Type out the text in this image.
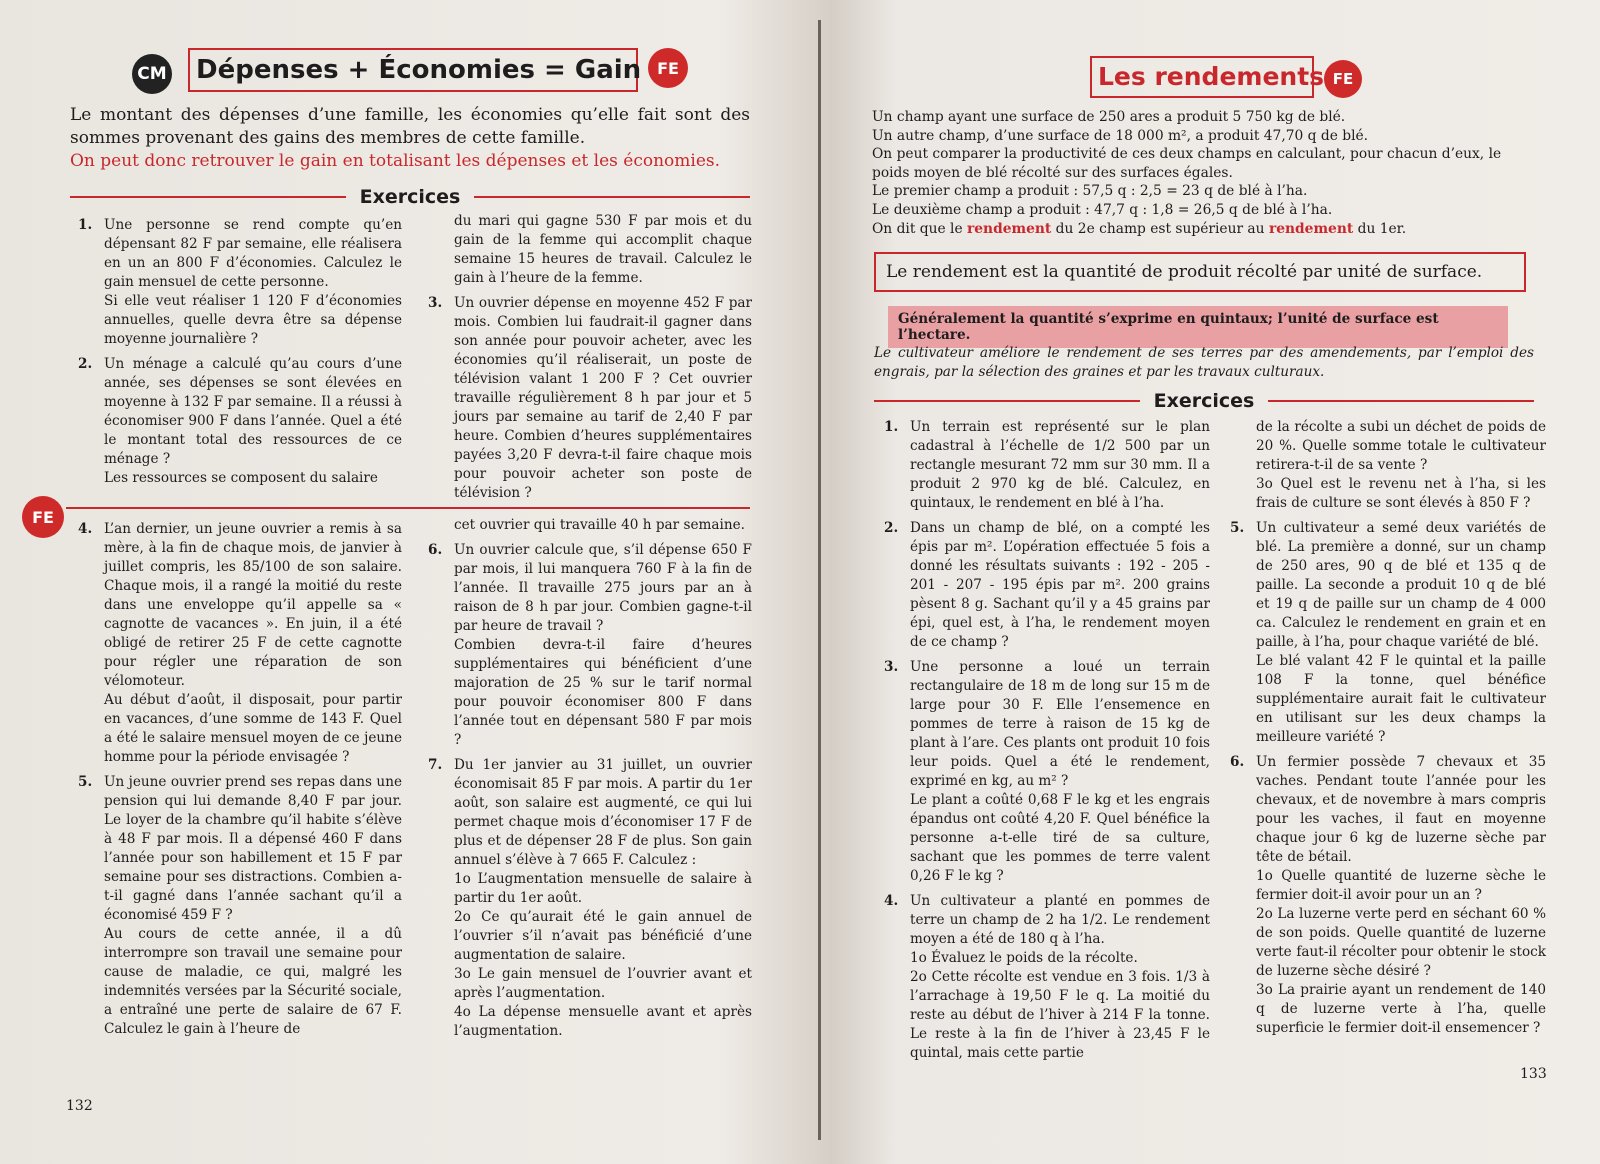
CM	Dépenses + Économies = Gain FE

Le montant des dépenses d’une famille, les économies qu’elle fait sont des sommes provenant des gains des membres de cette famille.

On peut donc retrouver le gain en totalisant les dépenses et les économies.

Exercices
1. Une personne se rend compte qu’en dépensant 82 F par semaine, elle réalisera en un an 800 F d’économies. Calculez le gain mensuel de cette personne.

Si elle veut réaliser 1 120 F d’économies annuelles, quelle devra être sa dépense moyenne journalière ?

2. Un ménage a calculé qu’au cours d’une année, ses dépenses se sont élevées en moyenne à 132 F par semaine. Il a réussi à économiser 900 F dans l’année. Quel a été le montant total des ressources de ce ménage ?

Les ressources se composent du salaire

du mari qui gagne 530 F par mois et du gain de la femme qui accomplit chaque semaine 15 heures de travail. Calculez le gain à l’heure de la femme.

3. Un ouvrier dépense en moyenne 452 F par mois. Combien lui faudrait-il gagner dans son année pour pouvoir acheter, avec les économies qu’il réaliserait, un poste de télévision valant 1 200 F ? Cet ouvrier travaille régulièrement 8 h par jour et 5 jours par semaine au tarif de 2,40 F par heure. Combien d’heures supplémentaires payées 3,20 F devra-t-il faire chaque mois pour pouvoir acheter son poste de télévision ?

FE
4. L’an dernier, un jeune ouvrier a remis à sa mère, à la fin de chaque mois, de janvier à juillet compris, les 85/100 de son salaire. Chaque mois, il a rangé la moitié du reste dans une enveloppe qu’il appelle sa « cagnotte de vacances ». En juin, il a été obligé de retirer 25 F de cette cagnotte pour régler une réparation de son vélomoteur.

Au début d’août, il disposait, pour partir en vacances, d’une somme de 143 F. Quel a été le salaire mensuel moyen de ce jeune homme pour la période envisagée ?

5. Un jeune ouvrier prend ses repas dans une pension qui lui demande 8,40 F par jour. Le loyer de la chambre qu’il habite s’élève à 48 F par mois. Il a dépensé 460 F dans l’année pour son habillement et 15 F par semaine pour ses distractions. Combien a-t-il gagné dans l’année sachant qu’il a économisé 459 F ?

Au cours de cette année, il a dû interrompre son travail une semaine pour cause de maladie, ce qui, malgré les indemnités versées par la Sécurité sociale, a entraîné une perte de salaire de 67 F. Calculez le gain à l’heure de

cet ouvrier qui travaille 40 h par semaine.

6. Un ouvrier calcule que, s’il dépense 650 F par mois, il lui manquera 760 F à la fin de l’année. Il travaille 275 jours par an à raison de 8 h par jour. Combien gagne-t-il par heure de travail ?

Combien devra-t-il faire d’heures supplémentaires qui bénéficient d’une majoration de 25 % sur le tarif normal pour pouvoir économiser 800 F dans l’année tout en dépensant 580 F par mois ?

7. Du 1er janvier au 31 juillet, un ouvrier économisait 85 F par mois. A partir du 1er août, son salaire est augmenté, ce qui lui permet chaque mois d’économiser 17 F de plus et de dépenser 28 F de plus. Son gain annuel s’élève à 7 665 F. Calculez :

1o L’augmentation mensuelle de salaire à partir du 1er août.

2o Ce qu’aurait été le gain annuel de l’ouvrier s’il n’avait pas bénéficié d’une augmentation de salaire.

3o Le gain mensuel de l’ouvrier avant et après l’augmentation.

4o La dépense mensuelle avant et après l’augmentation.

132
Les rendements FE

Un champ ayant une surface de 250 ares a produit 5 750 kg de blé.

Un autre champ, d’une surface de 18 000 m², a produit 47,70 q de blé.

On peut comparer la productivité de ces deux champs en calculant, pour chacun d’eux, le poids moyen de blé récolté sur des surfaces égales.

Le premier champ a produit : 57,5 q : 2,5 = 23 q de blé à l’ha.

Le deuxième champ a produit : 47,7 q : 1,8 = 26,5 q de blé à l’ha.

On dit que le rendement du 2e champ est supérieur au rendement du 1er.

Le rendement est la quantité de produit récolté par unité de surface.
Généralement la quantité s’exprime en quintaux; l’unité de surface est l’hectare.
Le cultivateur améliore le rendement de ses terres par des amendements, par l’emploi des engrais, par la sélection des graines et par les travaux culturaux.
Exercices
1. Un terrain est représenté sur le plan cadastral à l’échelle de 1/2 500 par un rectangle mesurant 72 mm sur 30 mm. Il a produit 2 970 kg de blé. Calculez, en quintaux, le rendement en blé à l’ha.

2. Dans un champ de blé, on a compté les épis par m². L’opération effectuée 5 fois a donné les résultats suivants : 192 - 205 - 201 - 207 - 195 épis par m². 200 grains pèsent 8 g. Sachant qu’il y a 45 grains par épi, quel est, à l’ha, le rendement moyen de ce champ ?

3. Une personne a loué un terrain rectangulaire de 18 m de long sur 15 m de large pour 30 F. Elle l’ensemence en pommes de terre à raison de 15 kg de plant à l’are. Ces plants ont produit 10 fois leur poids. Quel a été le rendement, exprimé en kg, au m² ?

Le plant a coûté 0,68 F le kg et les engrais épandus ont coûté 4,20 F. Quel bénéfice la personne a-t-elle tiré de sa culture, sachant que les pommes de terre valent 0,26 F le kg ?

4. Un cultivateur a planté en pommes de terre un champ de 2 ha 1/2. Le rendement moyen a été de 180 q à l’ha.

1o Évaluez le poids de la récolte.

2o Cette récolte est vendue en 3 fois. 1/3 à l’arrachage à 19,50 F le q. La moitié du reste au début de l’hiver à 214 F la tonne. Le reste à la fin de l’hiver à 23,45 F le quintal, mais cette partie

de la récolte a subi un déchet de poids de 20 %. Quelle somme totale le cultivateur retirera-t-il de sa vente ?

3o Quel est le revenu net à l’ha, si les frais de culture se sont élevés à 850 F ?

5. Un cultivateur a semé deux variétés de blé. La première a donné, sur un champ de 250 ares, 90 q de blé et 135 q de paille. La seconde a produit 10 q de blé et 19 q de paille sur un champ de 4 000 ca. Calculez le rendement en grain et en paille, à l’ha, pour chaque variété de blé.

Le blé valant 42 F le quintal et la paille 108 F la tonne, quel bénéfice supplémentaire aurait fait le cultivateur en utilisant sur les deux champs la meilleure variété ?

6. Un fermier possède 7 chevaux et 35 vaches. Pendant toute l’année pour les chevaux, et de novembre à mars compris pour les vaches, il faut en moyenne chaque jour 6 kg de luzerne sèche par tête de bétail.

1o Quelle quantité de luzerne sèche le fermier doit-il avoir pour un an ?

2o La luzerne verte perd en séchant 60 % de son poids. Quelle quantité de luzerne verte faut-il récolter pour obtenir le stock de luzerne sèche désiré ?

3o La prairie ayant un rendement de 140 q de luzerne verte à l’ha, quelle superficie le fermier doit-il ensemencer ?

133
